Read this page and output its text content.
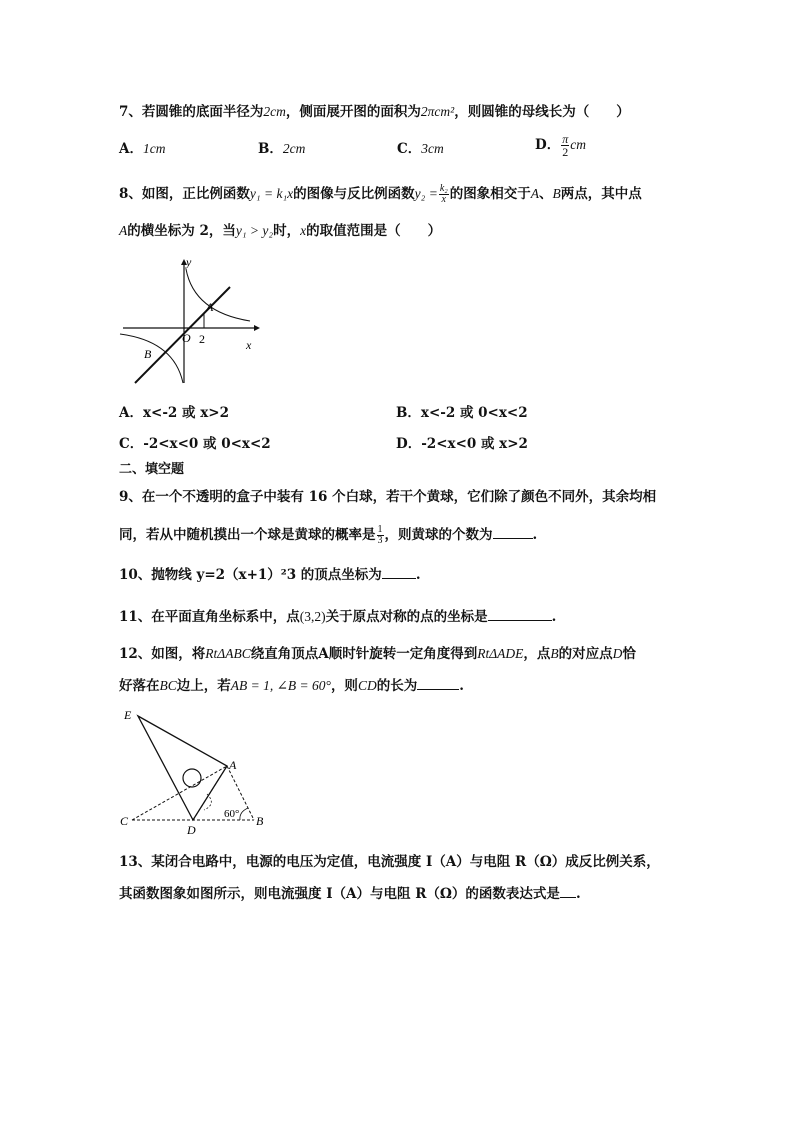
7、若圆锥的底面半径为2cm，侧面展开图的面积为2πcm²，则圆锥的母线长为（　　）
A．1cm	B．2cm	C．3cm	D． $\frac{\pi}{2}$ cm
8、如图，正比例函数y₁ = k₁x的图像与反比例函数$y_2 = \frac{\text{k₂}}{x}$ 的图象相交于A、B两点，其中点
A的横坐标为 2，当y₁ > y₂时，x的取值范围是（　　）
y
x
O 2
A
B
A．x<-2 或 x>2	B．x<-2 或 0<x<2
C．-2<x<0 或 0<x<2	D．-2<x<0 或 x>2
二、填空题
9、在一个不透明的盒子中装有 16 个白球，若干个黄球，它们除了颜色不同外，其余均相
同，若从中随机摸出一个球是黄球的概率是 $\frac{1}{3}$ ，则黄球的个数为	.
10、抛物线 y=2（x+1）²3 的顶点坐标为	.
11、在平面直角坐标系中，点(3,2)关于原点对称的点的坐标是	.
12、如图，将RtΔABC绕直角顶点A顺时针旋转一定角度得到RtΔADE，点B的对应点D恰
好落在BC边上，若AB = 1, ∠B = 60°，则CD的长为	.
E
A
C
D
B
60°
13、某闭合电路中，电源的电压为定值，电流强度 I（A）与电阻 R（Ω）成反比例关系，
其函数图象如图所示，则电流强度 I（A）与电阻 R（Ω）的函数表达式是 .
